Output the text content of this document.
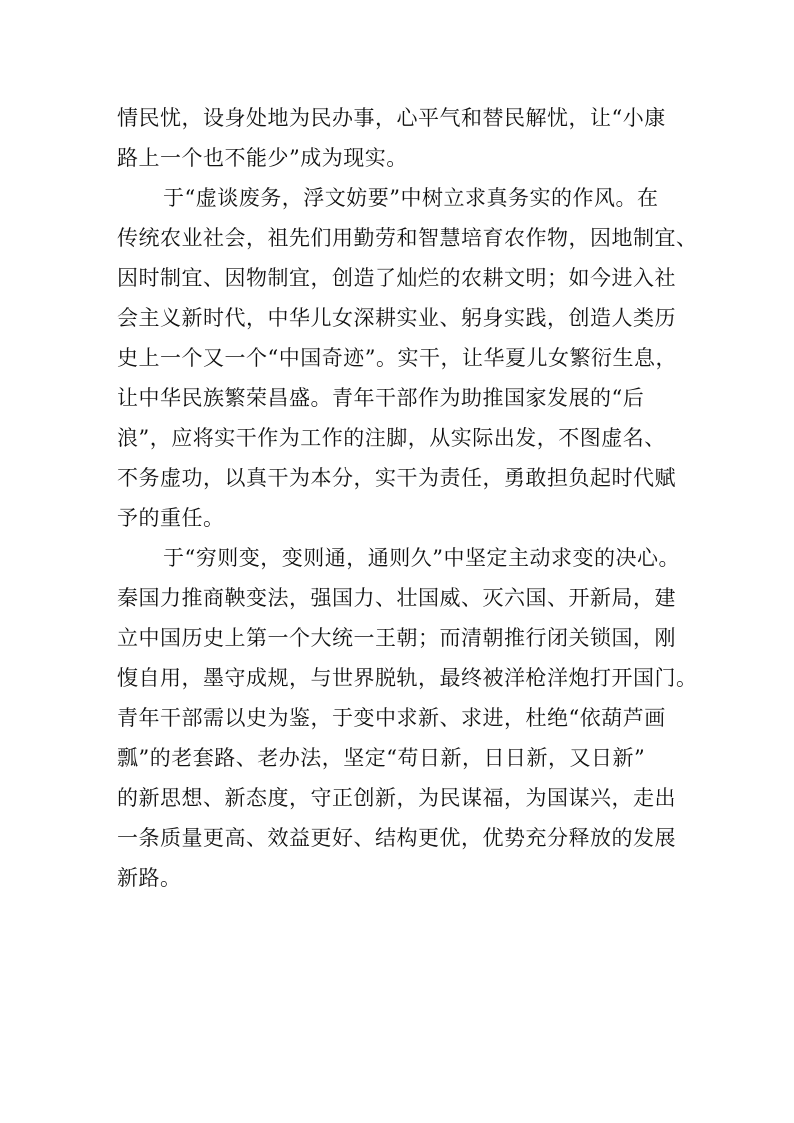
情民忧，设身处地为民办事，心平气和替民解忧，让“小康
路上一个也不能少”成为现实。
于“虚谈废务，浮文妨要”中树立求真务实的作风。在
传统农业社会，祖先们用勤劳和智慧培育农作物，因地制宜、
因时制宜、因物制宜，创造了灿烂的农耕文明；如今进入社
会主义新时代，中华儿女深耕实业、躬身实践，创造人类历
史上一个又一个“中国奇迹”。实干，让华夏儿女繁衍生息，
让中华民族繁荣昌盛。青年干部作为助推国家发展的“后
浪”，应将实干作为工作的注脚，从实际出发，不图虚名、
不务虚功，以真干为本分，实干为责任，勇敢担负起时代赋
予的重任。
于“穷则变，变则通，通则久”中坚定主动求变的决心。
秦国力推商鞅变法，强国力、壮国威、灭六国、开新局，建
立中国历史上第一个大统一王朝；而清朝推行闭关锁国，刚
愎自用，墨守成规，与世界脱轨，最终被洋枪洋炮打开国门。
青年干部需以史为鉴，于变中求新、求进，杜绝“依葫芦画
瓢”的老套路、老办法，坚定“苟日新，日日新，又日新”
的新思想、新态度，守正创新，为民谋福，为国谋兴，走出
一条质量更高、效益更好、结构更优，优势充分释放的发展
新路。
